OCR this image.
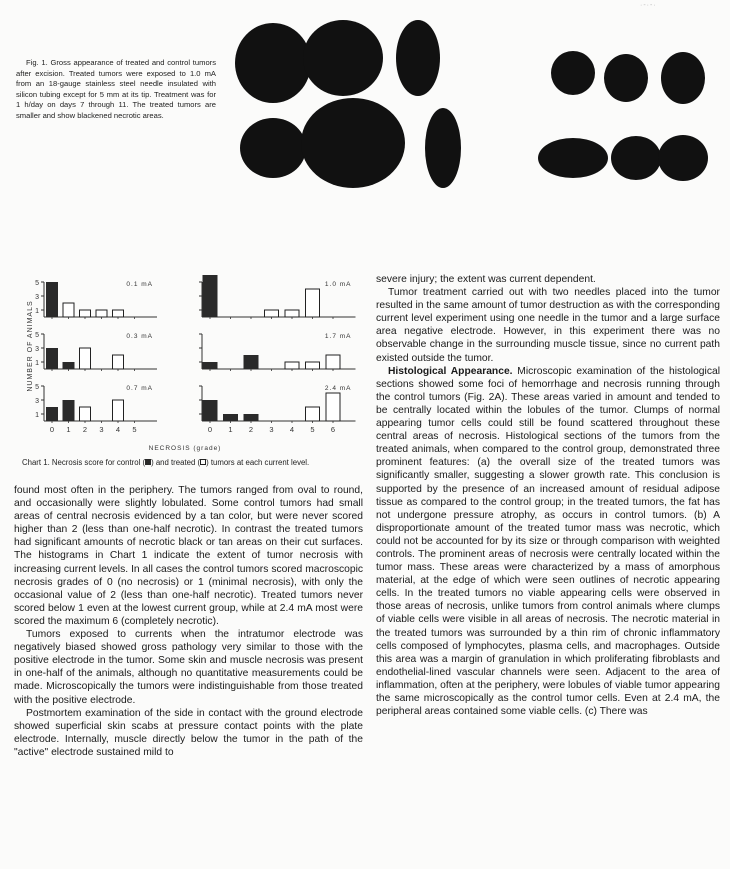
·-·-·
Fig. 1. Gross appearance of treated and control tumors after excision. Treated tumors were exposed to 1.0 mA from an 18-gauge stainless steel needle insulated with silicon tubing except for 5 mm at its tip. Treatment was for 1 h/day on days 7 through 11. The treated tumors are smaller and show blackened necrotic areas.
1
3
5	0.1 mA
1
3
5	0.3 mA
1
3
5	0.7 mA
0 1 2 3 4 5
1.0 mA
1.7 mA
2.4 mA
0 1 2 3 4 5 6
NUMBER OF ANIMALS
NECROSIS (grade)
Chart 1. Necrosis score for control ( ) and treated ( ) tumors at each current level.

found most often in the periphery. The tumors ranged from oval to round, and occasionally were slightly lobulated. Some control tumors had small areas of central necrosis evidenced by a tan color, but were never scored higher than 2 (less than one-half necrotic). In contrast the treated tumors had significant amounts of necrotic black or tan areas on their cut surfaces. The histograms in Chart 1 indicate the extent of tumor necrosis with increasing current levels. In all cases the control tumors scored macroscopic necrosis grades of 0 (no necrosis) or 1 (minimal necrosis), with only the occasional value of 2 (less than one-half necrotic). Treated tumors never scored below 1 even at the lowest current group, while at 2.4 mA most were scored the maximum 6 (completely necrotic).

Tumors exposed to currents when the intratumor electrode was negatively biased showed gross pathology very similar to those with the positive electrode in the tumor. Some skin and muscle necrosis was present in one-half of the animals, although no quantitative measurements could be made. Microscopically the tumors were indistinguishable from those treated with the positive electrode.

Postmortem examination of the side in contact with the ground electrode showed superficial skin scabs at pressure contact points with the plate electrode. Internally, muscle directly below the tumor in the path of the "active" electrode sustained mild to

severe injury; the extent was current dependent.

Tumor treatment carried out with two needles placed into the tumor resulted in the same amount of tumor destruction as with the corresponding current level experiment using one needle in the tumor and a large surface area negative electrode. However, in this experiment there was no observable change in the surrounding muscle tissue, since no current path existed outside the tumor.

Histological Appearance. Microscopic examination of the histological sections showed some foci of hemorrhage and necrosis running through the control tumors (Fig. 2A). These areas varied in amount and tended to be centrally located within the lobules of the tumor. Clumps of normal appearing tumor cells could still be found scattered throughout these central areas of necrosis. Histological sections of the tumors from the treated animals, when compared to the control group, demonstrated three prominent features: (a) the overall size of the treated tumors was significantly smaller, suggesting a slower growth rate. This conclusion is supported by the presence of an increased amount of residual adipose tissue as compared to the control group; in the treated tumors, the fat has not undergone pressure atrophy, as occurs in control tumors. (b) A disproportionate amount of the treated tumor mass was necrotic, which could not be accounted for by its size or through comparison with weighted controls. The prominent areas of necrosis were centrally located within the tumor mass. These areas were characterized by a mass of amorphous material, at the edge of which were seen outlines of necrotic appearing cells. In the treated tumors no viable appearing cells were observed in those areas of necrosis, unlike tumors from control animals where clumps of viable cells were visible in all areas of necrosis. The necrotic material in the treated tumors was surrounded by a thin rim of chronic inflammatory cells composed of lymphocytes, plasma cells, and macrophages. Outside this area was a margin of granulation in which proliferating fibroblasts and endothelial-lined vascular channels were seen. Adjacent to the area of inflammation, often at the periphery, were lobules of viable tumor appearing the same microscopically as the control tumor cells. Even at 2.4 mA, the peripheral areas contained some viable cells. (c) There was
